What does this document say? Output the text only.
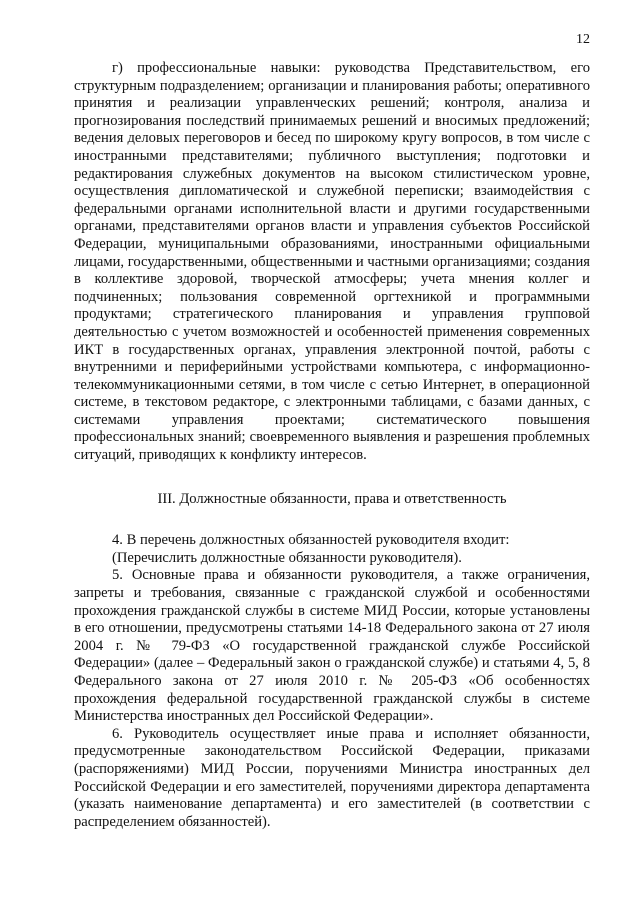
12

г) профессиональные навыки: руководства Представительством, его структурным подразделением; организации и планирования работы; оперативного принятия и реализации управленческих решений; контроля, анализа и прогнозирования последствий принимаемых решений и вносимых предложений; ведения деловых переговоров и бесед по широкому кругу вопросов, в том числе с иностранными представителями; публичного выступления; подготовки и редактирования служебных документов на высоком стилистическом уровне, осуществления дипломатической и служебной переписки; взаимодействия с федеральными органами исполнительной власти и другими государственными органами, представителями органов власти и управления субъектов Российской Федерации, муниципальными образованиями, иностранными официальными лицами, государственными, общественными и частными организациями; создания в коллективе здоровой, творческой атмосферы; учета мнения коллег и подчиненных; пользования современной оргтехникой и программными продуктами; стратегического планирования и управления групповой деятельностью с учетом возможностей и особенностей применения современных ИКТ в государственных органах, управления электронной почтой, работы с внутренними и периферийными устройствами компьютера, с информационно-телекоммуникационными сетями, в том числе с сетью Интернет, в операционной системе, в текстовом редакторе, с электронными таблицами, с базами данных, с системами управления проектами; систематического повышения профессиональных знаний; своевременного выявления и разрешения проблемных ситуаций, приводящих к конфликту интересов.

III. Должностные обязанности, права и ответственность

4. В перечень должностных обязанностей руководителя входит:

(Перечислить должностные обязанности руководителя).

5. Основные права и обязанности руководителя, а также ограничения, запреты и требования, связанные с гражданской службой и особенностями прохождения гражданской службы в системе МИД России, которые установлены в его отношении, предусмотрены статьями 14-18 Федерального закона от 27 июля 2004 г. № 79-ФЗ «О государственной гражданской службе Российской Федерации» (далее – Федеральный закон о гражданской службе) и статьями 4, 5, 8 Федерального закона от 27 июля 2010 г. № 205-ФЗ «Об особенностях прохождения федеральной государственной гражданской службы в системе Министерства иностранных дел Российской Федерации».

6. Руководитель осуществляет иные права и исполняет обязанности, предусмотренные законодательством Российской Федерации, приказами (распоряжениями) МИД России, поручениями Министра иностранных дел Российской Федерации и его заместителей, поручениями директора департамента (указать наименование департамента) и его заместителей (в соответствии с распределением обязанностей).
